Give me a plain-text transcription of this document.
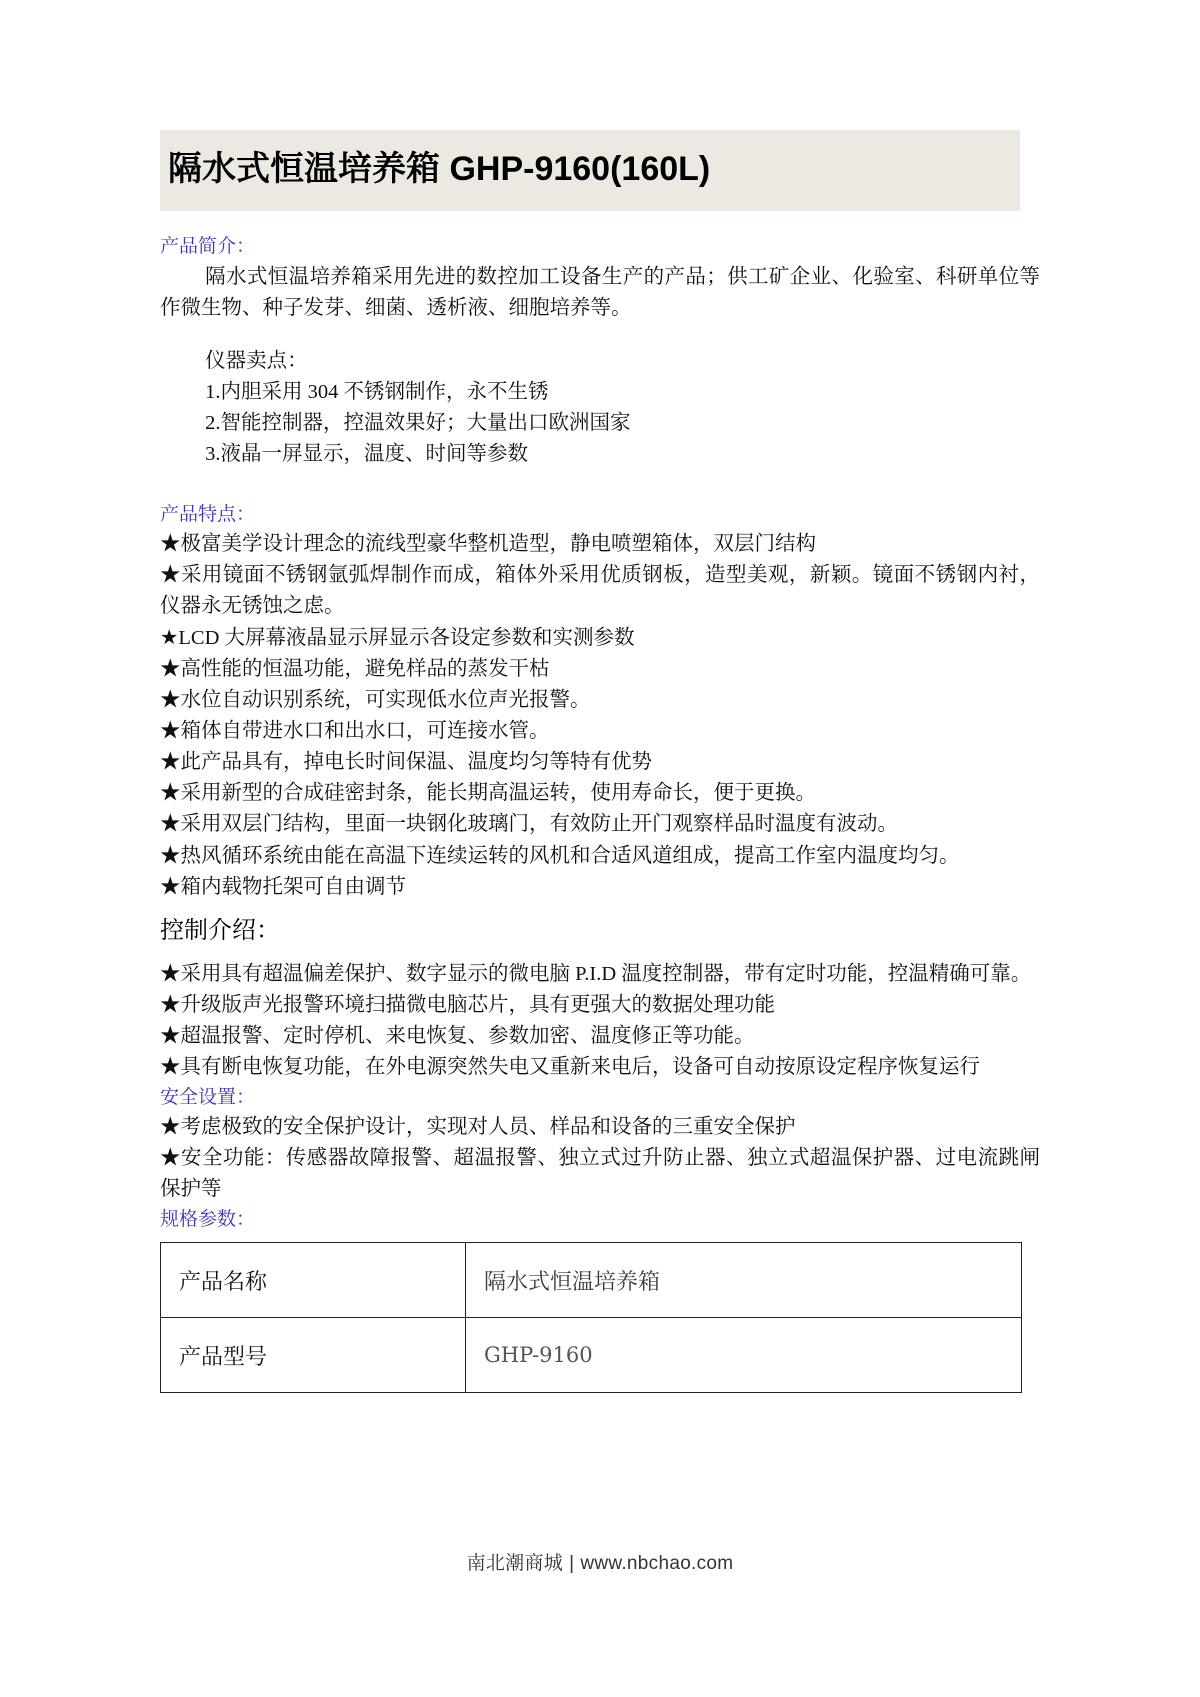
隔水式恒温培养箱 GHP-9160(160L)
产品简介：
隔水式恒温培养箱采用先进的数控加工设备生产的产品；供工矿企业、化验室、科研单位等作微生物、种子发芽、细菌、透析液、细胞培养等。
仪器卖点：
1.内胆采用 304 不锈钢制作，永不生锈
2.智能控制器，控温效果好；大量出口欧洲国家
3.液晶一屏显示，温度、时间等参数
产品特点：
★极富美学设计理念的流线型豪华整机造型，静电喷塑箱体，双层门结构
★采用镜面不锈钢氩弧焊制作而成，箱体外采用优质钢板，造型美观，新颖。镜面不锈钢内衬，仪器永无锈蚀之虑。
★LCD 大屏幕液晶显示屏显示各设定参数和实测参数
★高性能的恒温功能，避免样品的蒸发干枯
★水位自动识别系统，可实现低水位声光报警。
★箱体自带进水口和出水口，可连接水管。
★此产品具有，掉电长时间保温、温度均匀等特有优势
★采用新型的合成硅密封条，能长期高温运转，使用寿命长，便于更换。
★采用双层门结构，里面一块钢化玻璃门，有效防止开门观察样品时温度有波动。
★热风循环系统由能在高温下连续运转的风机和合适风道组成，提高工作室内温度均匀。
★箱内载物托架可自由调节
控制介绍：
★采用具有超温偏差保护、数字显示的微电脑 P.I.D 温度控制器，带有定时功能，控温精确可靠。
★升级版声光报警环境扫描微电脑芯片，具有更强大的数据处理功能
★超温报警、定时停机、来电恢复、参数加密、温度修正等功能。
★具有断电恢复功能，在外电源突然失电又重新来电后，设备可自动按原设定程序恢复运行
安全设置：
★考虑极致的安全保护设计，实现对人员、样品和设备的三重安全保护
★安全功能：传感器故障报警、超温报警、独立式过升防止器、独立式超温保护器、过电流跳闸保护等
规格参数：
产品名称	隔水式恒温培养箱
产品型号	GHP-9160
南北潮商城 | www.nbchao.com
